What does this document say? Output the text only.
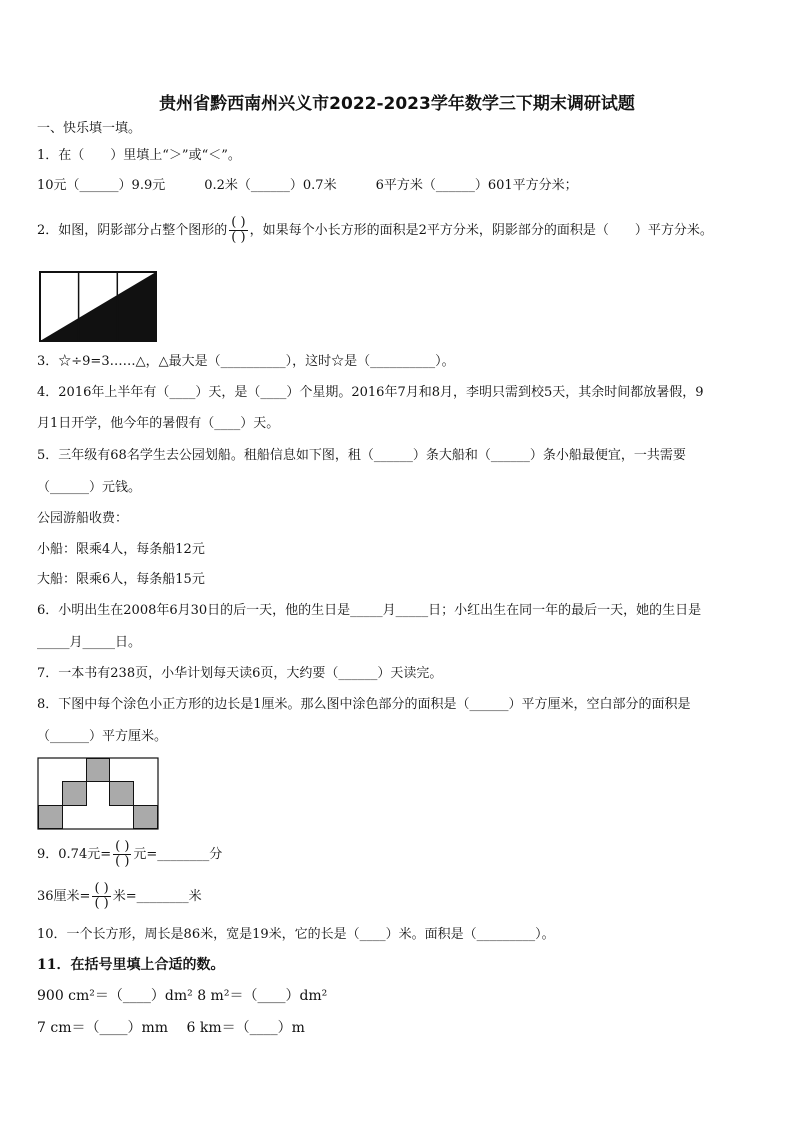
贵州省黔西南州兴义市2022-2023学年数学三下期末调研试题
一、快乐填一填。
1．在（　　）里填上“＞”或“＜”。
10元（______）9.9元　　　0.2米（______）0.7米　　　6平方米（______）601平方分米；
2．如图，阴影部分占整个图形的 $\frac{( )}{( )}$ ，如果每个小长方形的面积是2平方分米，阴影部分的面积是（　　）平方分米。
3．☆÷9=3……△，△最大是（__________），这时☆是（__________）。
4．2016年上半年有（____）天，是（____）个星期。2016年7月和8月，李明只需到校5天，其余时间都放暑假，9
月1日开学，他今年的暑假有（____）天。
5．三年级有68名学生去公园划船。租船信息如下图，租（______）条大船和（______）条小船最便宜，一共需要
（______）元钱。
公园游船收费：
小船：限乘4人，每条船12元
大船：限乘6人，每条船15元
6．小明出生在2008年6月30日的后一天，他的生日是_____月_____日；小红出生在同一年的最后一天，她的生日是
_____月_____日。
7．一本书有238页，小华计划每天读6页，大约要（______）天读完。
8．下图中每个涂色小正方形的边长是1厘米。那么图中涂色部分的面积是（______）平方厘米，空白部分的面积是
（______）平方厘米。
9．0.74元= $\frac{( )}{( )}$ 元=________分
36厘米= $\frac{( )}{( )}$ 米=________米
10．一个长方形，周长是86米，宽是19米，它的长是（____）米。面积是（_________）。
11．在括号里填上合适的数。
900 cm²＝（____）dm² 8 m²＝（____）dm²
7 cm＝（____）mm　 6 km＝（____）m
